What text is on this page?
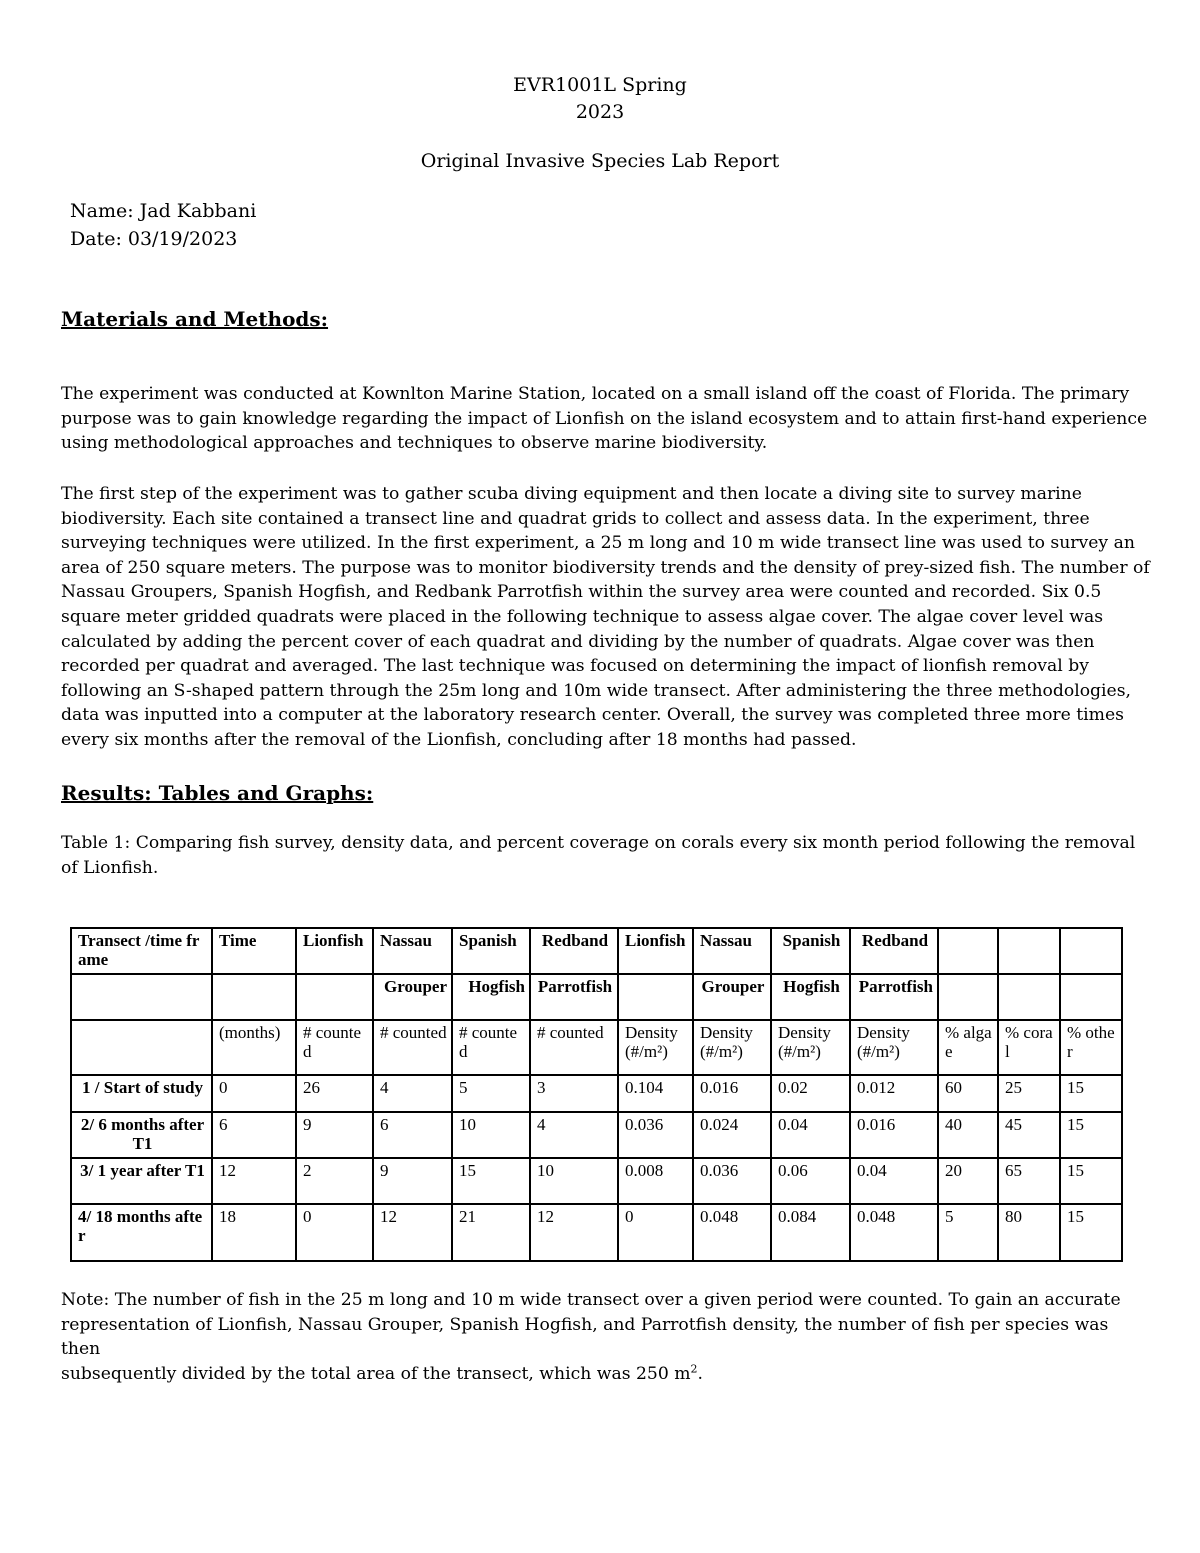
EVR1001L Spring
2023
Original Invasive Species Lab Report
Name: Jad Kabbani
Date: 03/19/2023
Materials and Methods:

The experiment was conducted at Kownlton Marine Station, located on a small island off the coast of Florida. The primary
purpose was to gain knowledge regarding the impact of Lionfish on the island ecosystem and to attain first-hand experience
using methodological approaches and techniques to observe marine biodiversity.

The first step of the experiment was to gather scuba diving equipment and then locate a diving site to survey marine
biodiversity. Each site contained a transect line and quadrat grids to collect and assess data. In the experiment, three
surveying techniques were utilized. In the first experiment, a 25 m long and 10 m wide transect line was used to survey an
area of 250 square meters. The purpose was to monitor biodiversity trends and the density of prey-sized fish. The number of
Nassau Groupers, Spanish Hogfish, and Redbank Parrotfish within the survey area were counted and recorded. Six 0.5
square meter gridded quadrats were placed in the following technique to assess algae cover. The algae cover level was
calculated by adding the percent cover of each quadrat and dividing by the number of quadrats. Algae cover was then
recorded per quadrat and averaged. The last technique was focused on determining the impact of lionfish removal by
following an S-shaped pattern through the 25m long and 10m wide transect. After administering the three methodologies,
data was inputted into a computer at the laboratory research center. Overall, the survey was completed three more times
every six months after the removal of the Lionfish, concluding after 18 months had passed.

Results: Tables and Graphs:

Table 1: Comparing fish survey, density data, and percent coverage on corals every six month period following the removal
of Lionfish.

Transect /time frame	Time	Lionfish	Nassau	Spanish	Redband	Lionfish	Nassau	Spanish	Redband			
			Grouper	Hogfish	Parrotfish		Grouper	Hogfish	Parrotfish			
	(months)	# counted	# counted	# counted	# counted	Density (#/m²)	Density (#/m²)	Density (#/m²)	Density (#/m²)	% algae	% coral	% other
1 / Start of study	0	26	4	5	3	0.104	0.016	0.02	0.012	60	25	15
2/ 6 months after T1	6	9	6	10	4	0.036	0.024	0.04	0.016	40	45	15
3/ 1 year after T1	12	2	9	15	10	0.008	0.036	0.06	0.04	20	65	15
4/ 18 months after	18	0	12	21	12	0	0.048	0.084	0.048	5	80	15

Note: The number of fish in the 25 m long and 10 m wide transect over a given period were counted. To gain an accurate
representation of Lionfish, Nassau Grouper, Spanish Hogfish, and Parrotfish density, the number of fish per species was then
subsequently divided by the total area of the transect, which was 250 $m^2$.
